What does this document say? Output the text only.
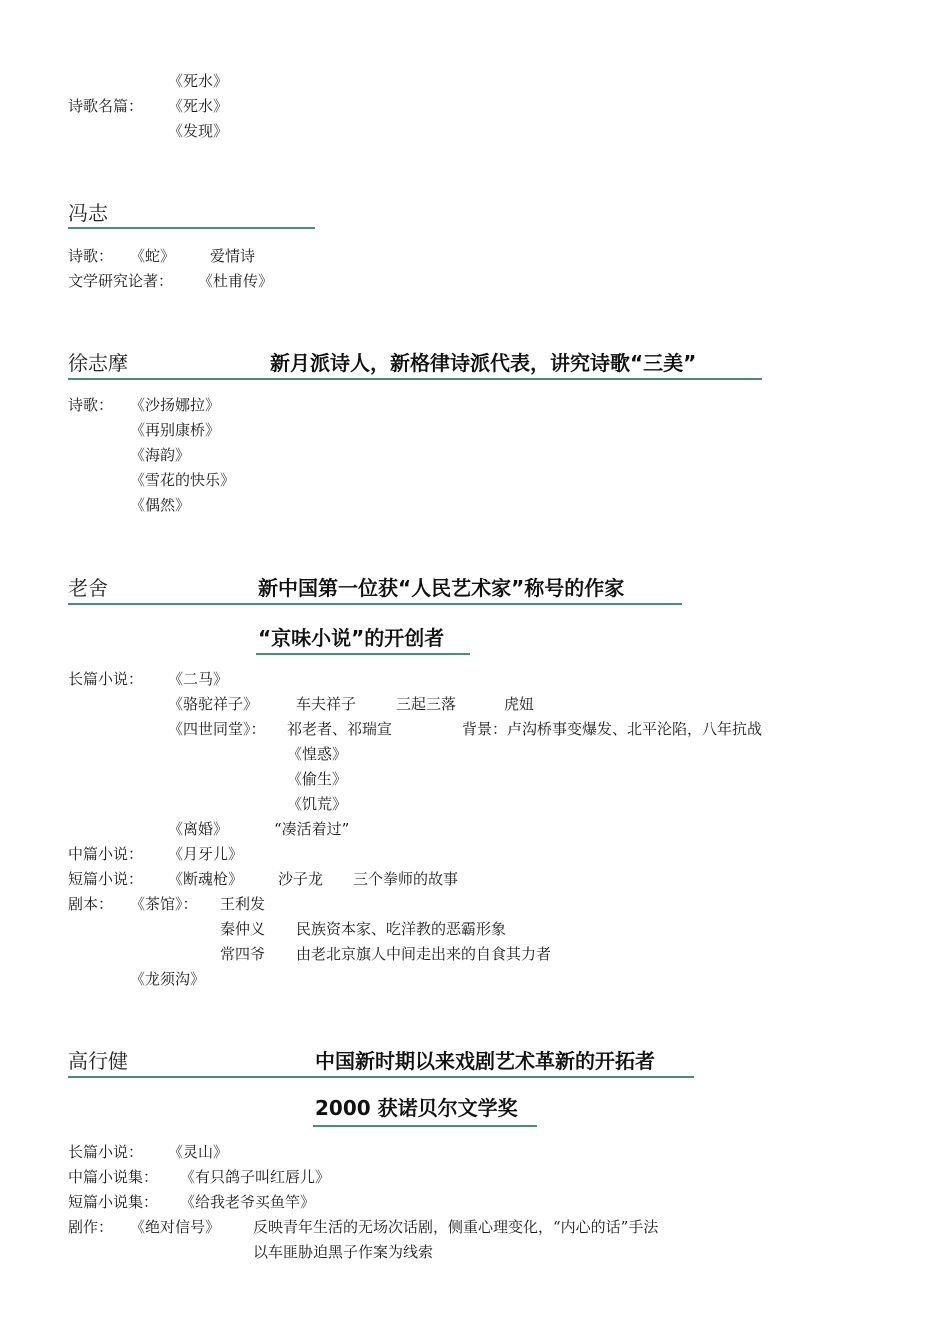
《死水》
诗歌名篇： 《死水》
《发现》
冯志
诗歌： 《蛇》 爱情诗
文学研究论著： 《杜甫传》
徐志摩	新月派诗人，新格律诗派代表，讲究诗歌“三美”
诗歌： 《沙扬娜拉》
《再别康桥》
《海韵》
《雪花的快乐》
《偶然》
老舍	新中国第一位获“人民艺术家”称号的作家
“京味小说”的开创者
长篇小说： 《二马》
《骆驼祥子》	车夫祥子	三起三落	虎妞
《四世同堂》： 祁老者、祁瑞宣	背景：卢沟桥事变爆发、北平沦陷，八年抗战
《惶惑》
《偷生》
《饥荒》
《离婚》	“凑活着过”
中篇小说： 《月牙儿》
短篇小说： 《断魂枪》 沙子龙 三个拳师的故事
剧本： 《茶馆》： 王利发
秦仲义 民族资本家、吃洋教的恶霸形象
常四爷 由老北京旗人中间走出来的自食其力者
《龙须沟》
高行健	中国新时期以来戏剧艺术革新的开拓者
2000 获诺贝尔文学奖
长篇小说： 《灵山》
中篇小说集： 《有只鸽子叫红唇儿》
短篇小说集： 《给我老爷买鱼竿》
剧作： 《绝对信号》 反映青年生活的无场次话剧，侧重心理变化，“内心的话”手法
以车匪胁迫黑子作案为线索
